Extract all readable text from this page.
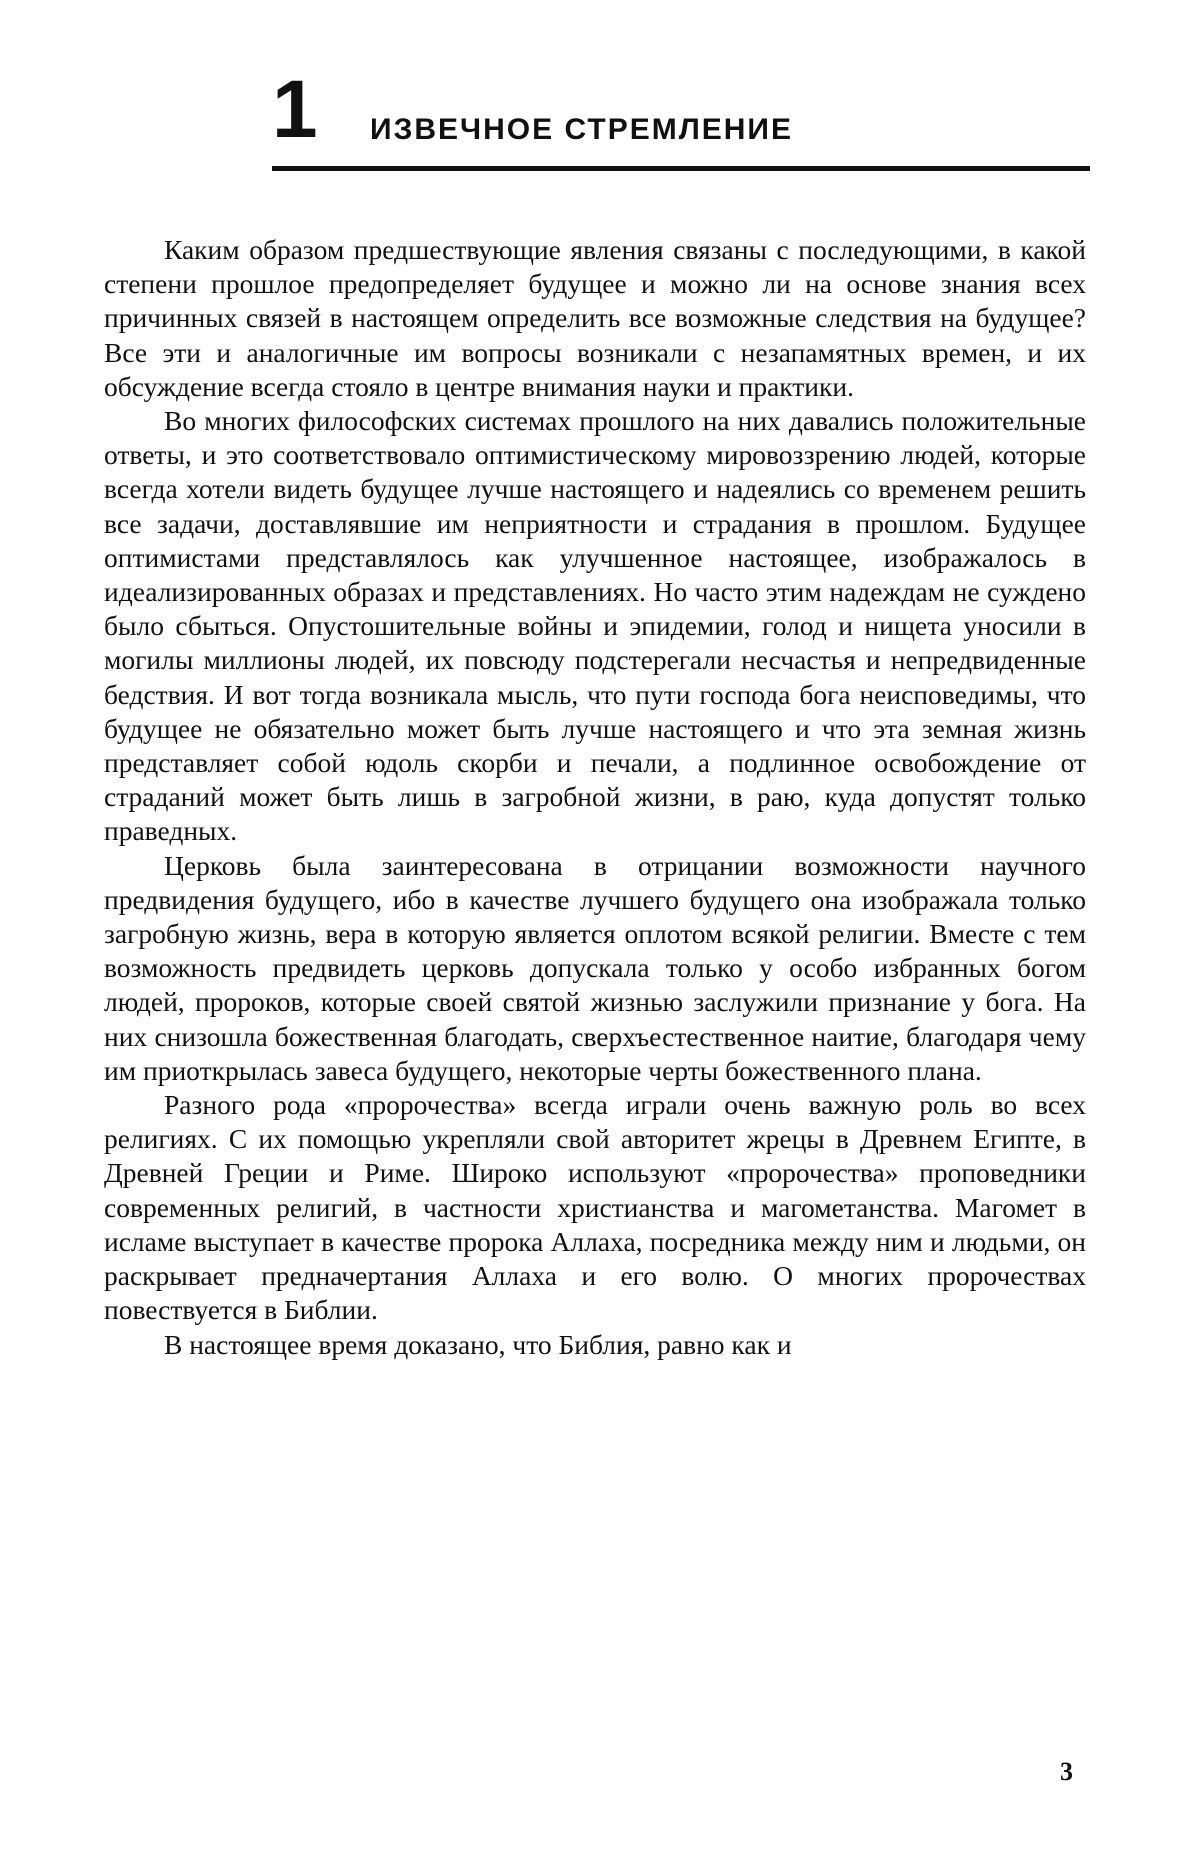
1 ИЗВЕЧНОЕ СТРЕМЛЕНИЕ

Каким образом предшествующие явления связаны с последующими, в какой степени прошлое предопределяет будущее и можно ли на основе знания всех причинных связей в настоящем определить все возможные следствия на будущее? Все эти и аналогичные им вопросы возникали с незапамятных времен, и их обсуждение всегда стояло в центре внимания науки и практики.

Во многих философских системах прошлого на них давались положительные ответы, и это соответствовало оптимистическому мировоззрению людей, которые всегда хотели видеть будущее лучше настоящего и надеялись со временем решить все задачи, доставлявшие им неприятности и страдания в прошлом. Будущее оптимистами представлялось как улучшенное настоящее, изображалось в идеализированных образах и представлениях. Но часто этим надеждам не суждено было сбыться. Опустошительные войны и эпидемии, голод и нищета уносили в могилы миллионы людей, их повсюду подстерегали несчастья и непредвиденные бедствия. И вот тогда возникала мысль, что пути господа бога неисповедимы, что будущее не обязательно может быть лучше настоящего и что эта земная жизнь представляет собой юдоль скорби и печали, а подлинное освобождение от страданий может быть лишь в загробной жизни, в раю, куда допустят только праведных.

Церковь была заинтересована в отрицании возможности научного предвидения будущего, ибо в качестве лучшего будущего она изображала только загробную жизнь, вера в которую является оплотом всякой религии. Вместе с тем возможность предвидеть церковь допускала только у особо избранных богом людей, пророков, которые своей святой жизнью заслужили признание у бога. На них снизошла божественная благодать, сверхъестественное наитие, благодаря чему им приоткрылась завеса будущего, некоторые черты божественного плана.

Разного рода «пророчества» всегда играли очень важную роль во всех религиях. С их помощью укрепляли свой авторитет жрецы в Древнем Египте, в Древней Греции и Риме. Широко используют «пророчества» проповедники современных религий, в частности христианства и магометанства. Магомет в исламе выступает в качестве пророка Аллаха, посредника между ним и людьми, он раскрывает предначертания Аллаха и его волю. О многих пророчествах повествуется в Библии.

В настоящее время доказано, что Библия, равно как и

3
